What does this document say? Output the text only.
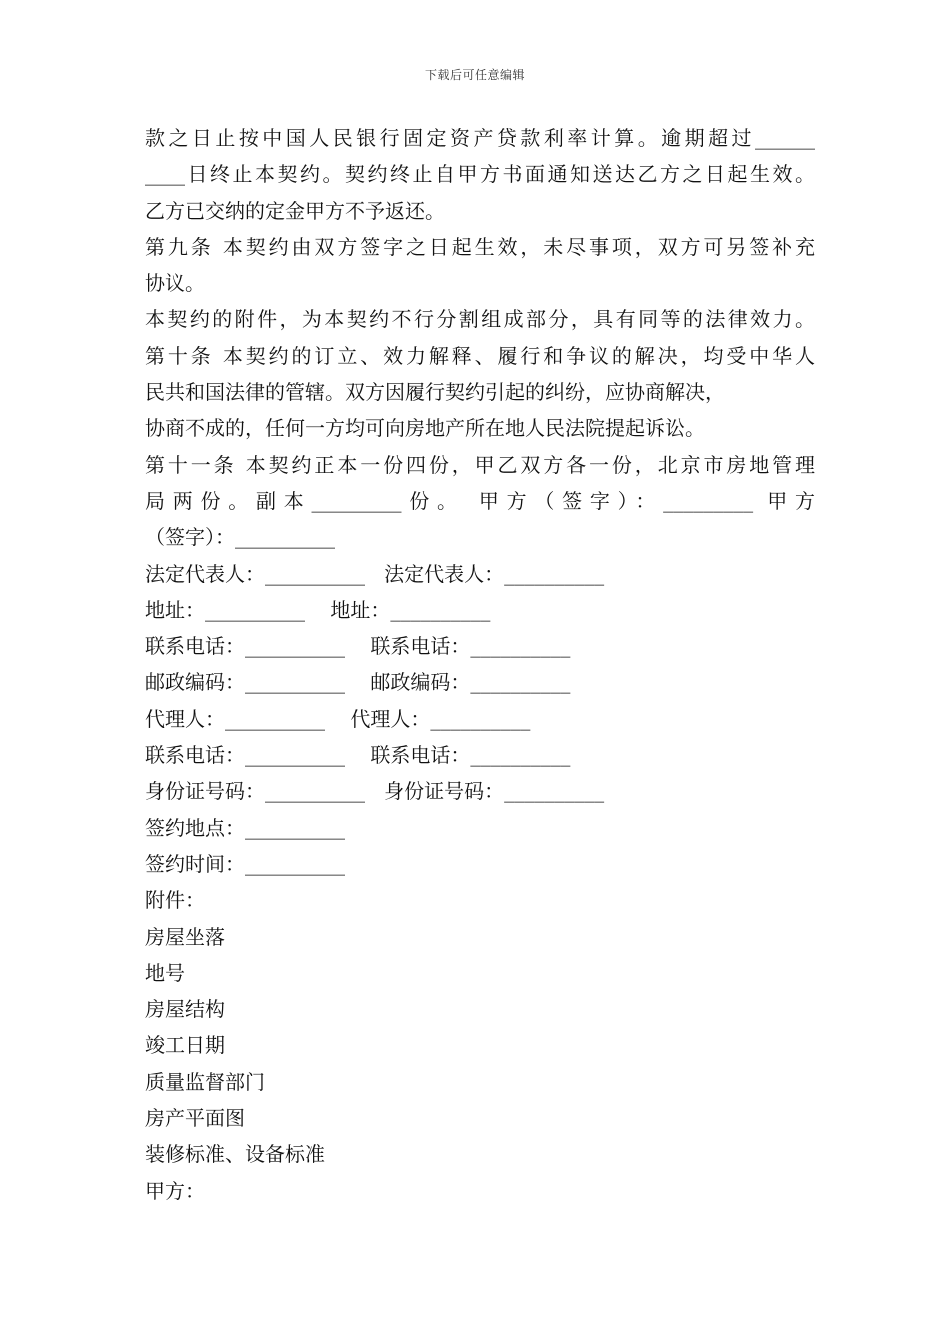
下载后可任意编辑
款之日止按中国人民银行固定资产贷款利率计算。逾期超过______
____日终止本契约。契约终止自甲方书面通知送达乙方之日起生效。
乙方已交纳的定金甲方不予返还。
第九条 本契约由双方签字之日起生效，未尽事项，双方可另签补充
协议。
本契约的附件，为本契约不行分割组成部分，具有同等的法律效力。
第十条 本契约的订立、效力解释、履行和争议的解决，均受中华人
民共和国法律的管辖。双方因履行契约引起的纠纷，应协商解决，
协商不成的，任何一方均可向房地产所在地人民法院提起诉讼。
第十一条 本契约正本一份四份，甲乙双方各一份，北京市房地管理
局两份。副本_________份。 甲方（签字）：_________ 甲方
（签字）：__________
法定代表人：__________   法定代表人：__________
地址：__________    地址：__________
联系电话：__________    联系电话：__________
邮政编码：__________    邮政编码：__________
代理人：__________    代理人：__________
联系电话：__________    联系电话：__________
身份证号码：__________   身份证号码：__________
签约地点：__________
签约时间：__________
附件：
房屋坐落
地号
房屋结构
竣工日期
质量监督部门
房产平面图
装修标准、设备标准
甲方：
